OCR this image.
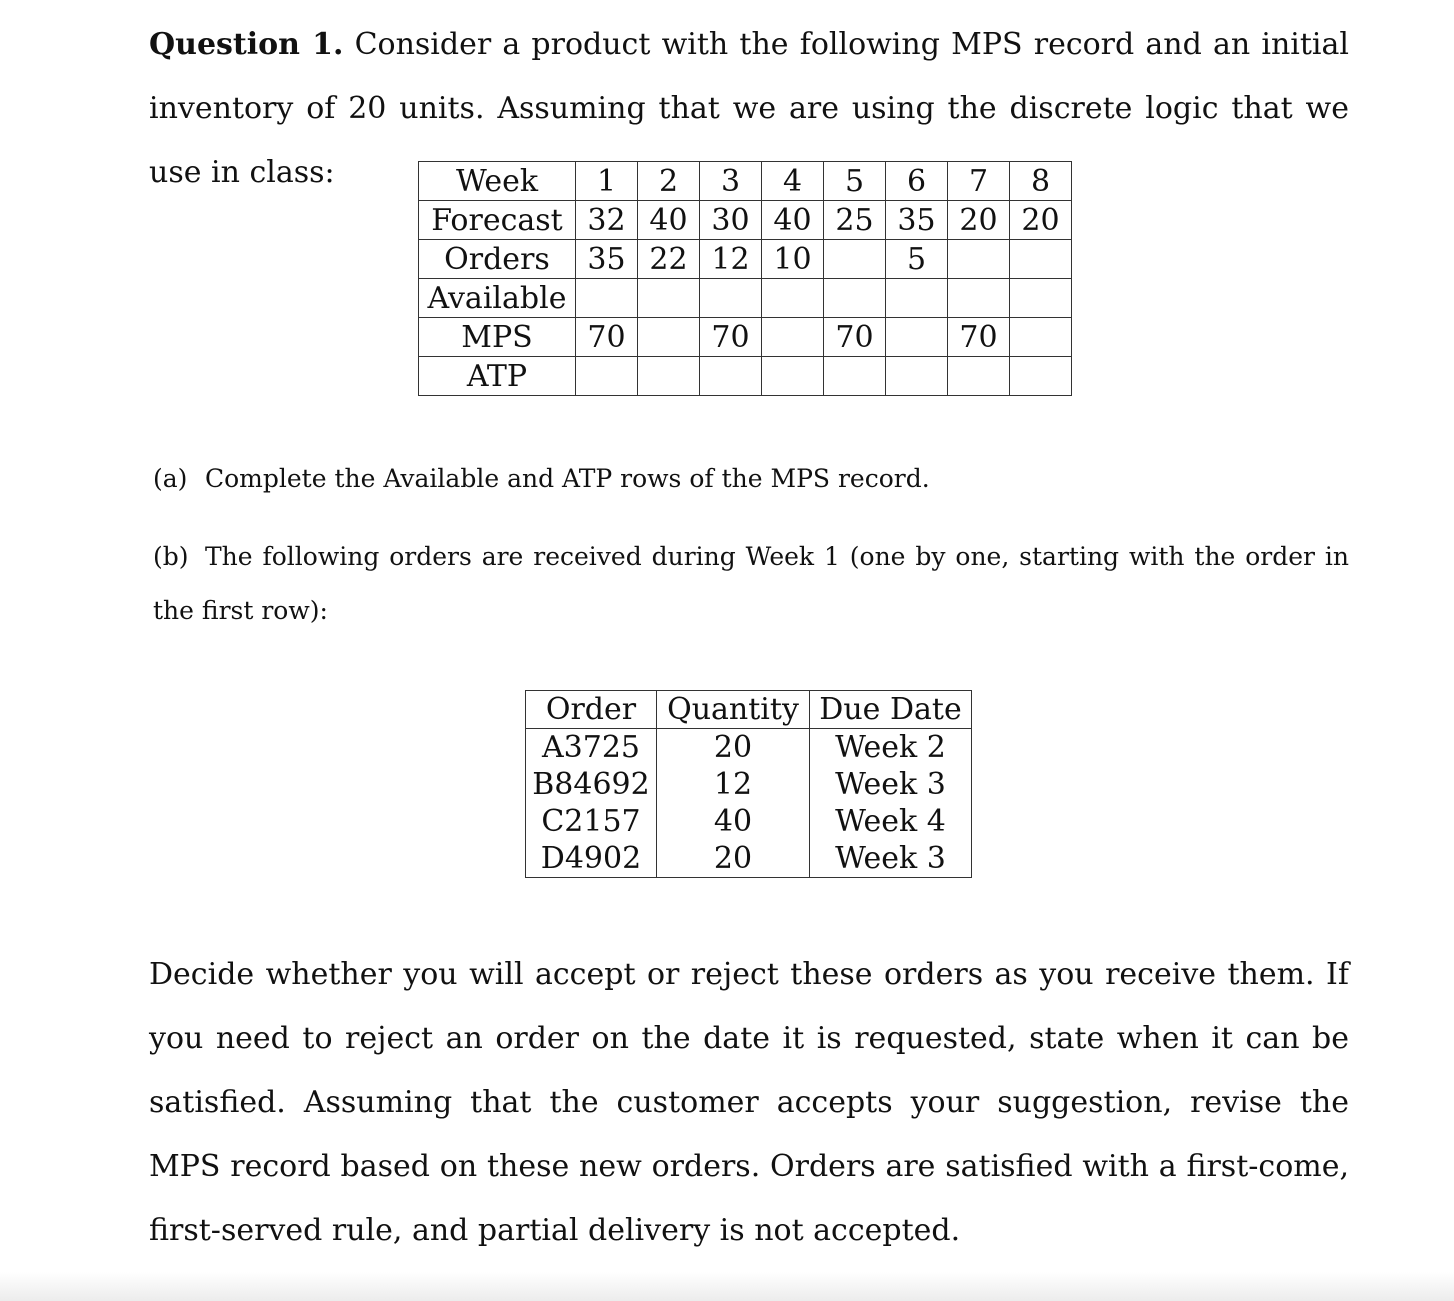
Question 1. Consider a product with the following MPS record and an initial inventory of 20 units. Assuming that we are using the discrete logic that we use in class:	Week	1	2	3	4	5	6	7	8
Forecast	32	40	30	40	25	35	20	20
Orders	35	22	12	10		5		
Available								
MPS	70		70		70		70	
ATP								

(a) Complete the Available and ATP rows of the MPS record.

(b) The following orders are received during Week 1 (one by one, starting with the order in the first row):

Order	Quantity	Due Date
A3725	20	Week 2
B84692	12	Week 3
C2157	40	Week 4
D4902	20	Week 3

Decide whether you will accept or reject these orders as you receive them. If you need to reject an order on the date it is requested, state when it can be satisfied. Assuming that the customer accepts your suggestion, revise the MPS record based on these new orders. Orders are satisfied with a first-come, first-served rule, and partial delivery is not accepted.
